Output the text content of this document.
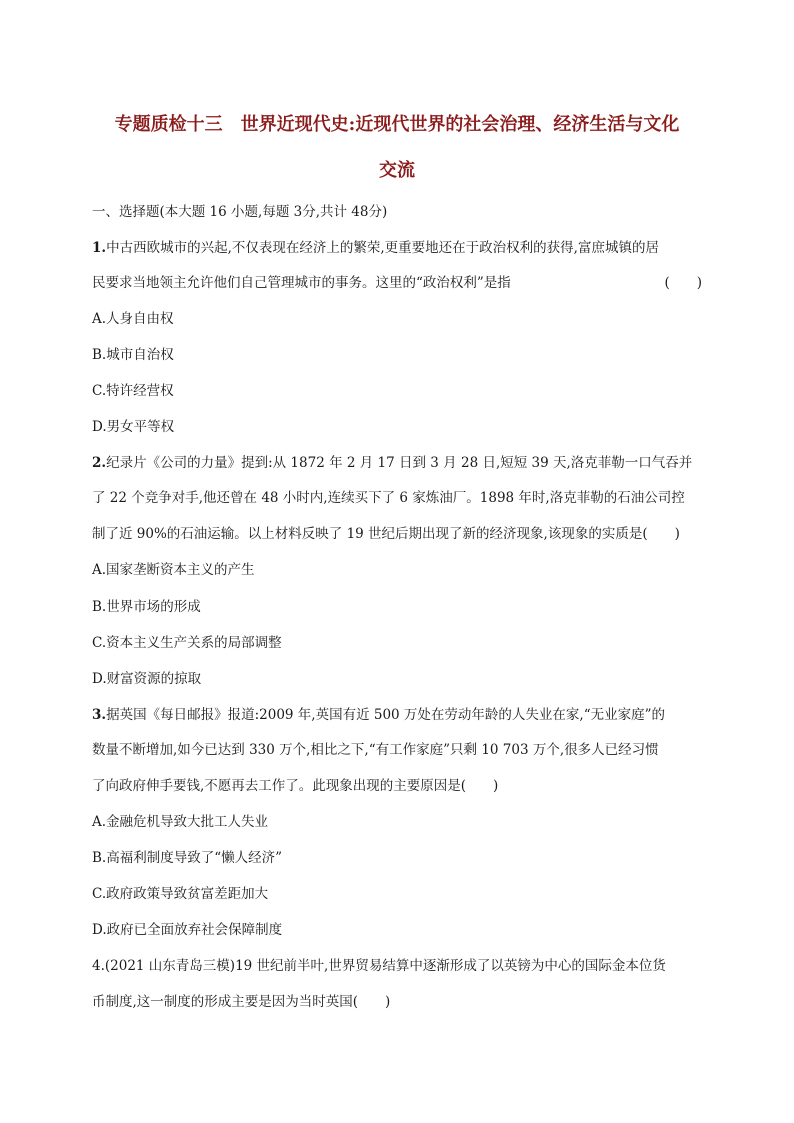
专题质检十三　世界近现代史:近现代世界的社会治理、经济生活与文化
交流

一、选择题(本大题 16 小题,每题 3分,共计 48分)

1.中古西欧城市的兴起,不仅表现在经济上的繁荣,更重要地还在于政治权利的获得,富庶城镇的居

民要求当地领主允许他们自己管理城市的事务。这里的“政治权利”是指	(　　)

A.人身自由权

B.城市自治权

C.特许经营权

D.男女平等权

2.纪录片《公司的力量》提到:从 1872 年 2 月 17 日到 3 月 28 日,短短 39 天,洛克菲勒一口气吞并

了 22 个竞争对手,他还曾在 48 小时内,连续买下了 6 家炼油厂。1898 年时,洛克菲勒的石油公司控

制了近 90%的石油运输。以上材料反映了 19 世纪后期出现了新的经济现象,该现象的实质是(　　)

A.国家垄断资本主义的产生

B.世界市场的形成

C.资本主义生产关系的局部调整

D.财富资源的掠取

3.据英国《每日邮报》报道:2009 年,英国有近 500 万处在劳动年龄的人失业在家,“无业家庭”的

数量不断增加,如今已达到 330 万个,相比之下,“有工作家庭”只剩 10 703 万个,很多人已经习惯

了向政府伸手要钱,不愿再去工作了。此现象出现的主要原因是(　　)

A.金融危机导致大批工人失业

B.高福利制度导致了“懒人经济”

C.政府政策导致贫富差距加大

D.政府已全面放弃社会保障制度

4.(2021 山东青岛三模)19 世纪前半叶,世界贸易结算中逐渐形成了以英镑为中心的国际金本位货

币制度,这一制度的形成主要是因为当时英国(　　)
